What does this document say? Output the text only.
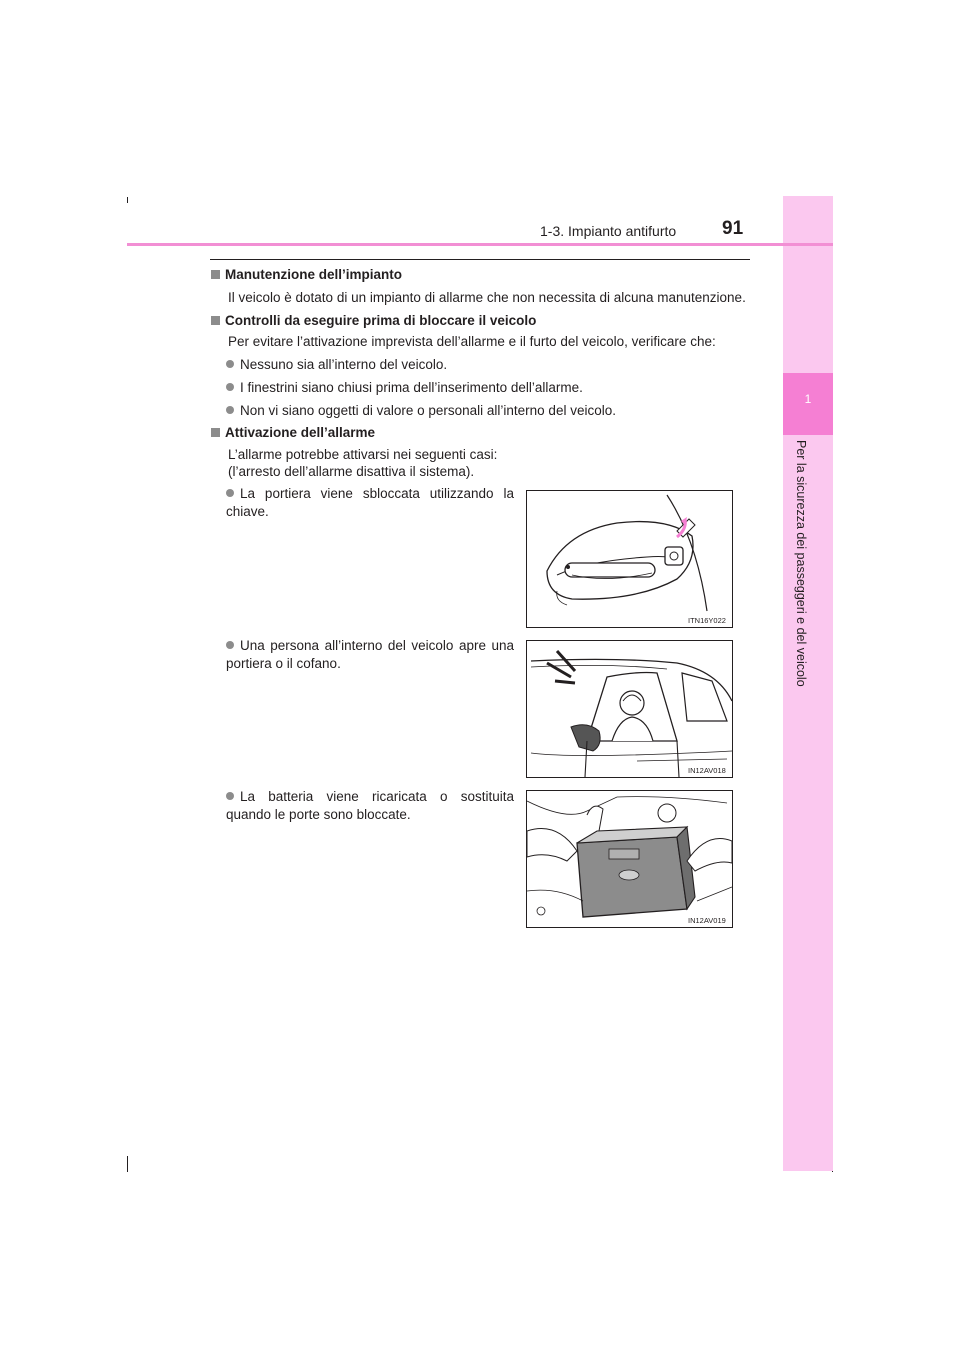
1
Per la sicurezza dei passeggeri e del veicolo
1-3. Impianto antifurto 91
Manutenzione dell’impianto
Il veicolo è dotato di un impianto di allarme che non necessita di alcuna manutenzione.
Controlli da eseguire prima di bloccare il veicolo
Per evitare l’attivazione imprevista dell’allarme e il furto del veicolo, verificare che:
Nessuno sia all’interno del veicolo.
I finestrini siano chiusi prima dell’inserimento dell’allarme.
Non vi siano oggetti di valore o personali all’interno del veicolo.
Attivazione dell’allarme
L’allarme potrebbe attivarsi nei seguenti casi:
(l’arresto dell’allarme disattiva il sistema).
La portiera viene sbloccata utilizzando la chiave.
Una persona all’interno del veicolo apre una portiera o il cofano.
La batteria viene ricaricata o sostituita quando le porte sono bloccate.
ITN16Y022
IN12AV018
IN12AV019
